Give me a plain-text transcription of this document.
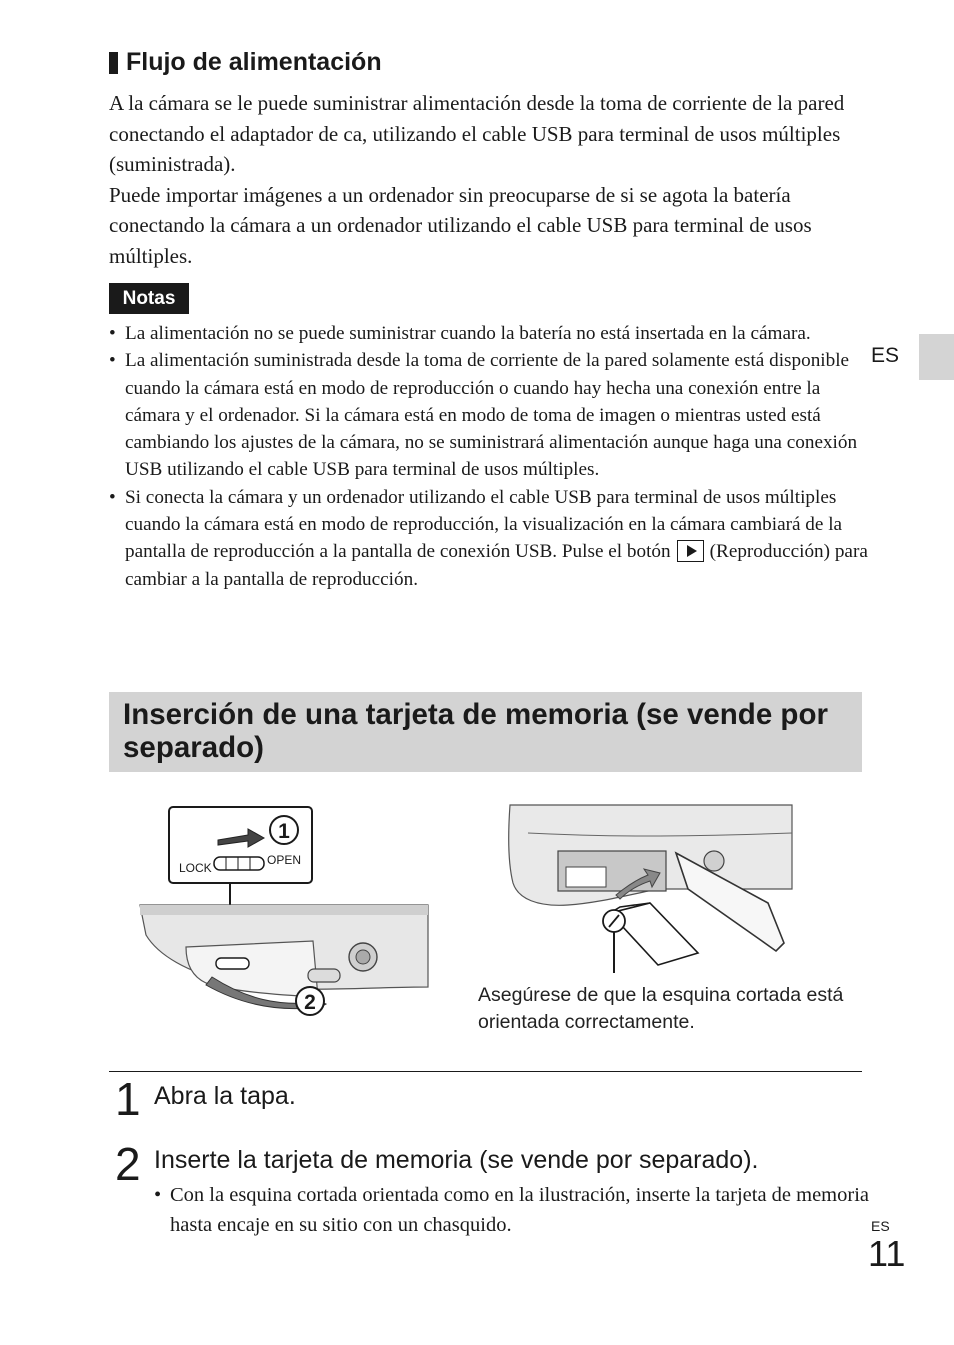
Flujo de alimentación

A la cámara se le puede suministrar alimentación desde la toma de corriente de la pared conectando el adaptador de ca, utilizando el cable USB para terminal de usos múltiples (suministrada).

Puede importar imágenes a un ordenador sin preocuparse de si se agota la batería conectando la cámara a un ordenador utilizando el cable USB para terminal de usos múltiples.

Notas
• La alimentación no se puede suministrar cuando la batería no está insertada en la cámara.
• La alimentación suministrada desde la toma de corriente de la pared solamente está disponible cuando la cámara está en modo de reproducción o cuando hay hecha una conexión entre la cámara y el ordenador. Si la cámara está en modo de toma de imagen o mientras usted está cambiando los ajustes de la cámara, no se suministrará alimentación aunque haga una conexión USB utilizando el cable USB para terminal de usos múltiples.
• Si conecta la cámara y un ordenador utilizando el cable USB para terminal de usos múltiples cuando la cámara está en modo de reproducción, la visualización en la cámara cambiará de la pantalla de reproducción a la pantalla de conexión USB. Pulse el botón (Reproducción) para cambiar a la pantalla de reproducción.
ES
Inserción de una tarjeta de memoria (se vende por separado)
1
LOCK
OPEN
2	Asegúrese de que la esquina cortada está orientada correctamente.
1 Abra la tapa.
2 Inserte la tarjeta de memoria (se vende por separado).
• Con la esquina cortada orientada como en la ilustración, inserte la tarjeta de memoria hasta encaje en su sitio con un chasquido.	ES
11
